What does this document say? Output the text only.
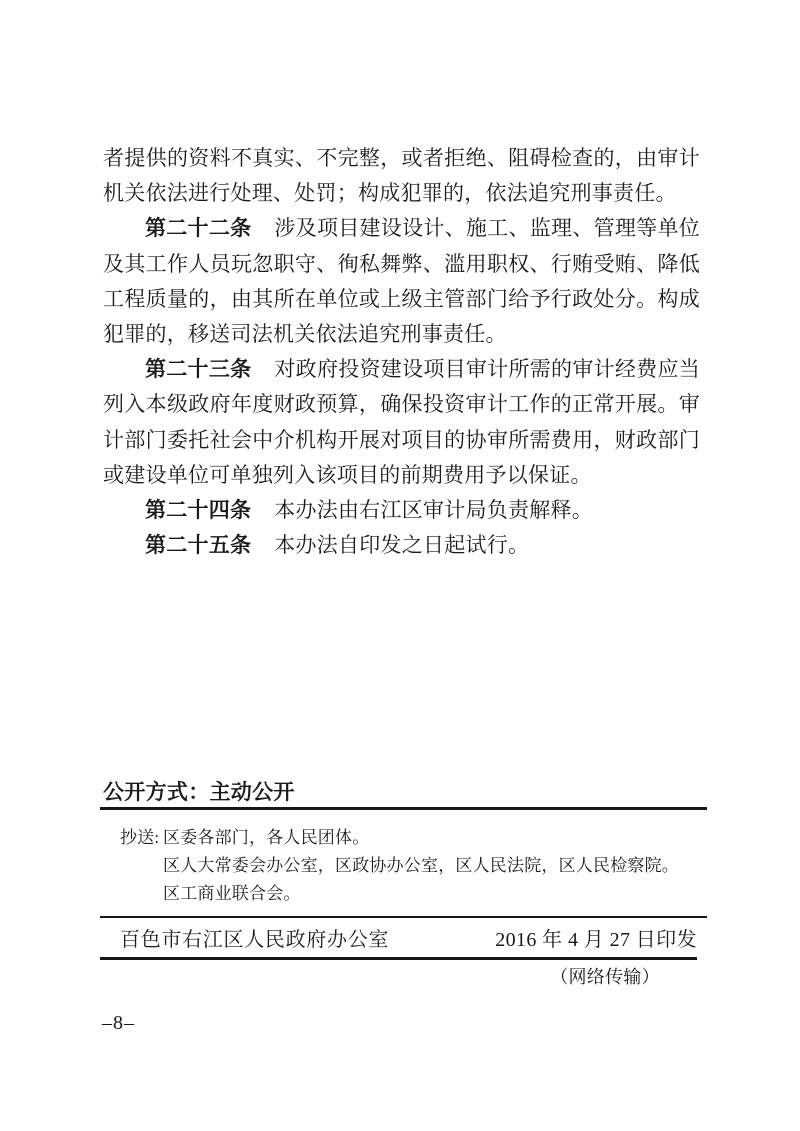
者提供的资料不真实、不完整，或者拒绝、阻碍检查的，由审计机关依法进行处理、处罚；构成犯罪的，依法追究刑事责任。

第二十二条 涉及项目建设设计、施工、监理、管理等单位及其工作人员玩忽职守、徇私舞弊、滥用职权、行贿受贿、降低工程质量的，由其所在单位或上级主管部门给予行政处分。构成犯罪的，移送司法机关依法追究刑事责任。

第二十三条 对政府投资建设项目审计所需的审计经费应当列入本级政府年度财政预算，确保投资审计工作的正常开展。审计部门委托社会中介机构开展对项目的协审所需费用，财政部门或建设单位可单独列入该项目的前期费用予以保证。

第二十四条 本办法由右江区审计局负责解释。

第二十五条 本办法自印发之日起试行。

公开方式：主动公开
抄送: 区委各部门，各人民团体。
区人大常委会办公室，区政协办公室，区人民法院，区人民检察院。
区工商业联合会。
百色市右江区人民政府办公室	2016 年 4 月 27 日印发
（网络传输）
–8–
